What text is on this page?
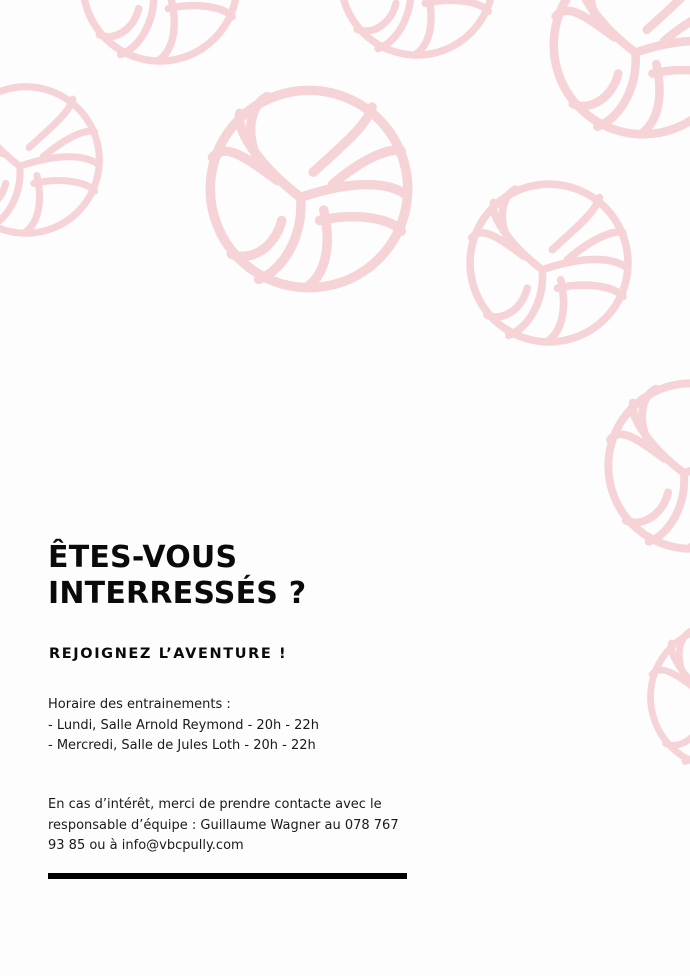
ÊTES-VOUS
INTERRESSÉS ?
REJOIGNEZ L’AVENTURE !
Horaire des entrainements :
- Lundi, Salle Arnold Reymond - 20h - 22h
- Mercredi, Salle de Jules Loth - 20h - 22h
En cas d’intérêt, merci de prendre contacte avec le
responsable d’équipe : Guillaume Wagner au 078 767
93 85 ou à info@vbcpully.com
